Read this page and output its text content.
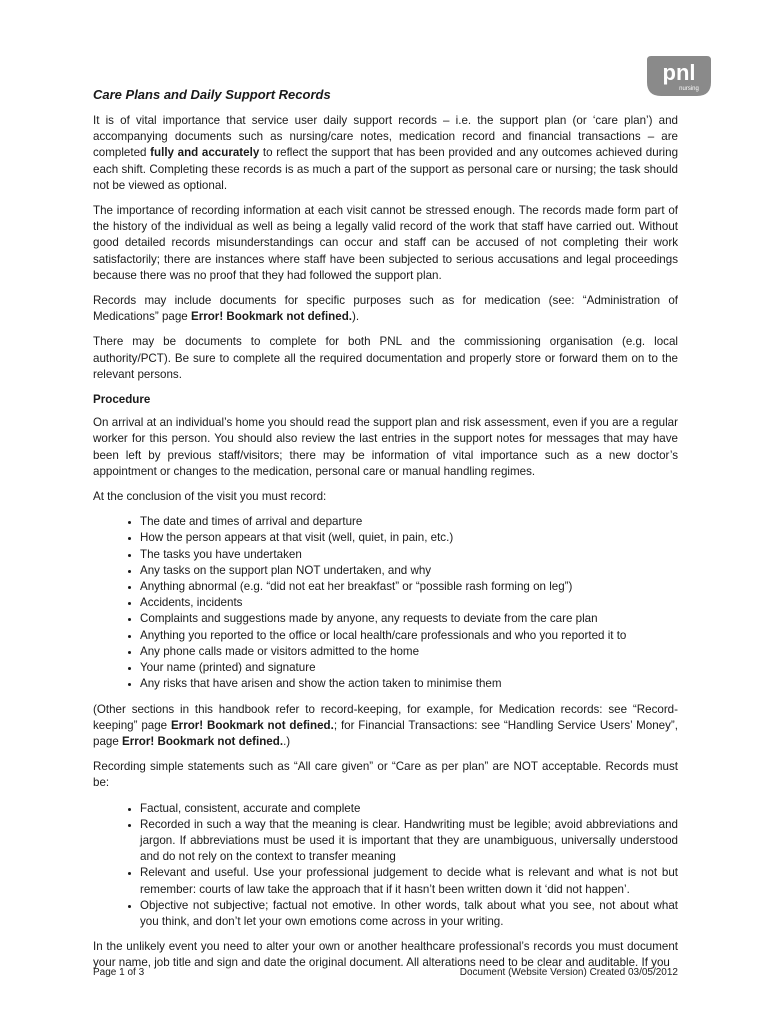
pnl
nursing
Care Plans and Daily Support Records

It is of vital importance that service user daily support records – i.e. the support plan (or ‘care plan’) and accompanying documents such as nursing/care notes, medication record and financial transactions – are completed fully and accurately to reflect the support that has been provided and any outcomes achieved during each shift. Completing these records is as much a part of the support as personal care or nursing; the task should not be viewed as optional.

The importance of recording information at each visit cannot be stressed enough. The records made form part of the history of the individual as well as being a legally valid record of the work that staff have carried out. Without good detailed records misunderstandings can occur and staff can be accused of not completing their work satisfactorily; there are instances where staff have been subjected to serious accusations and legal proceedings because there was no proof that they had followed the support plan.

Records may include documents for specific purposes such as for medication (see: “Administration of Medications” page Error! Bookmark not defined.).

There may be documents to complete for both PNL and the commissioning organisation (e.g. local authority/PCT). Be sure to complete all the required documentation and properly store or forward them on to the relevant persons.

Procedure

On arrival at an individual’s home you should read the support plan and risk assessment, even if you are a regular worker for this person. You should also review the last entries in the support notes for messages that may have been left by previous staff/visitors; there may be information of vital importance such as a new doctor’s appointment or changes to the medication, personal care or manual handling regimes.

At the conclusion of the visit you must record:

• The date and times of arrival and departure
• How the person appears at that visit (well, quiet, in pain, etc.)
• The tasks you have undertaken
• Any tasks on the support plan NOT undertaken, and why
• Anything abnormal (e.g. “did not eat her breakfast” or “possible rash forming on leg”)
• Accidents, incidents
• Complaints and suggestions made by anyone, any requests to deviate from the care plan
• Anything you reported to the office or local health/care professionals and who you reported it to
• Any phone calls made or visitors admitted to the home
• Your name (printed) and signature
• Any risks that have arisen and show the action taken to minimise them

(Other sections in this handbook refer to record-keeping, for example, for Medication records: see “Record-keeping” page Error! Bookmark not defined.; for Financial Transactions: see “Handling Service Users’ Money”, page Error! Bookmark not defined..)

Recording simple statements such as “All care given” or “Care as per plan” are NOT acceptable. Records must be:

• Factual, consistent, accurate and complete
• Recorded in such a way that the meaning is clear. Handwriting must be legible; avoid abbreviations and jargon. If abbreviations must be used it is important that they are unambiguous, universally understood and do not rely on the context to transfer meaning
• Relevant and useful. Use your professional judgement to decide what is relevant and what is not but remember: courts of law take the approach that if it hasn’t been written down it ‘did not happen’.
• Objective not subjective; factual not emotive. In other words, talk about what you see, not about what you think, and don’t let your own emotions come across in your writing.

In the unlikely event you need to alter your own or another healthcare professional’s records you must document your name, job title and sign and date the original document. All alterations need to be clear and auditable. If you

Page 1 of 3	Document (Website Version) Created 03/05/2012
